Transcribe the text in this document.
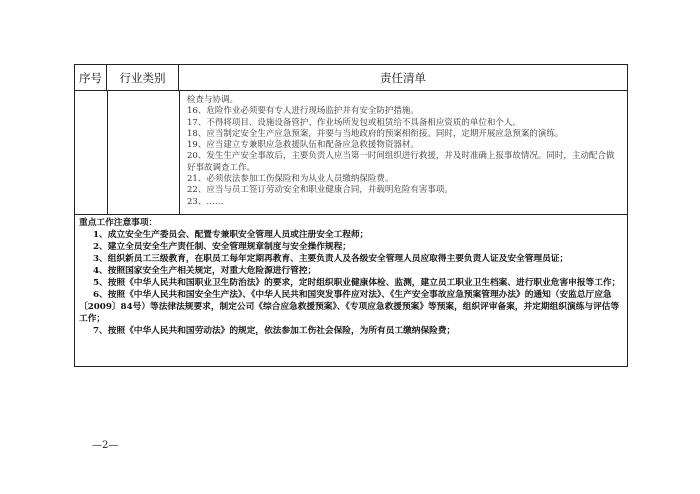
序号	行业类别	责任清单
检查与协调。
16、危险作业必须要有专人进行现场监护并有安全防护措施。
17、不得将项目、设施设备管护、作业场所发包或租赁给不具备相应资质的单位和个人。
18、应当制定安全生产应急预案，并要与当地政府的预案相衔接。同时，定期开展应急预案的演练。
19、应当建立专兼职应急救援队伍和配备应急救援物资器材。
20、发生生产安全事故后，主要负责人应当第一时间组织进行救援，并及时准确上报事故情况。同时，主动配合做好事故调查工作。
21、必须依法参加工伤保险和为从业人员缴纳保险费。
22、应当与员工签订劳动安全和职业健康合同，并载明危险有害事项。
23、……
重点工作注意事项：
1、成立安全生产委员会、配置专兼职安全管理人员或注册安全工程师；
2、建立全员安全生产责任制、安全管理规章制度与安全操作规程；
3、组织新员工三级教育，在职员工每年定期再教育、主要负责人及各级安全管理人员应取得主要负责人证及安全管理员证；
4、按照国家安全生产相关规定，对重大危险源进行管控；
5、按照《中华人民共和国职业卫生防治法》的要求，定时组织职业健康体检、监测，建立员工职业卫生档案、进行职业危害申报等工作；
6、按照《中华人民共和国安全生产法》、《中华人民共和国突发事件应对法》、《生产安全事故应急预案管理办法》的通知（安监总厅应急〔2009〕84号）等法律法规要求，制定公司《综合应急救援预案》、《专项应急救援预案》等预案，组织评审备案，并定期组织演练与评估等工作；
7、按照《中华人民共和国劳动法》的规定，依法参加工伤社会保险，为所有员工缴纳保险费；
—2—
